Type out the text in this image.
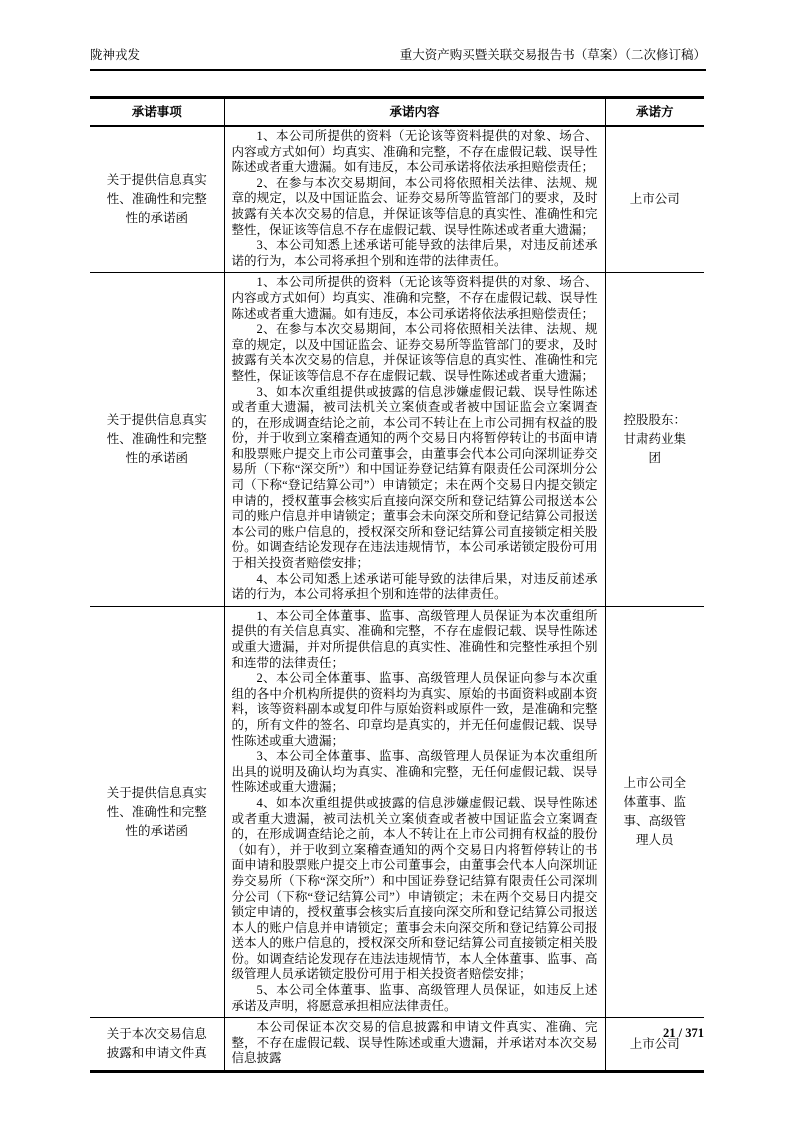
陇神戎发	重大资产购买暨关联交易报告书（草案）（二次修订稿）
承诺事项	承诺内容	承诺方
关于提供信息真实性、准确性和完整性的承诺函	1、本公司所提供的资料（无论该等资料提供的对象、场合、内容或方式如何）均真实、准确和完整，不存在虚假记载、误导性陈述或者重大遗漏。如有违反，本公司承诺将依法承担赔偿责任；

2、在参与本次交易期间，本公司将依照相关法律、法规、规章的规定，以及中国证监会、证券交易所等监管部门的要求，及时披露有关本次交易的信息，并保证该等信息的真实性、准确性和完整性，保证该等信息不存在虚假记载、误导性陈述或者重大遗漏；

3、本公司知悉上述承诺可能导致的法律后果，对违反前述承诺的行为，本公司将承担个别和连带的法律责任。	上市公司
关于提供信息真实性、准确性和完整性的承诺函	1、本公司所提供的资料（无论该等资料提供的对象、场合、内容或方式如何）均真实、准确和完整，不存在虚假记载、误导性陈述或者重大遗漏。如有违反，本公司承诺将依法承担赔偿责任；

2、在参与本次交易期间，本公司将依照相关法律、法规、规章的规定，以及中国证监会、证券交易所等监管部门的要求，及时披露有关本次交易的信息，并保证该等信息的真实性、准确性和完整性，保证该等信息不存在虚假记载、误导性陈述或者重大遗漏；

3、如本次重组提供或披露的信息涉嫌虚假记载、误导性陈述或者重大遗漏，被司法机关立案侦查或者被中国证监会立案调查的，在形成调查结论之前，本公司不转让在上市公司拥有权益的股份，并于收到立案稽查通知的两个交易日内将暂停转让的书面申请和股票账户提交上市公司董事会，由董事会代本公司向深圳证券交易所（下称“深交所”）和中国证券登记结算有限责任公司深圳分公司（下称“登记结算公司”）申请锁定；未在两个交易日内提交锁定申请的，授权董事会核实后直接向深交所和登记结算公司报送本公司的账户信息并申请锁定；董事会未向深交所和登记结算公司报送本公司的账户信息的，授权深交所和登记结算公司直接锁定相关股份。如调查结论发现存在违法违规情节，本公司承诺锁定股份可用于相关投资者赔偿安排；

4、本公司知悉上述承诺可能导致的法律后果，对违反前述承诺的行为，本公司将承担个别和连带的法律责任。	控股股东：甘肃药业集团
关于提供信息真实性、准确性和完整性的承诺函	1、本公司全体董事、监事、高级管理人员保证为本次重组所提供的有关信息真实、准确和完整，不存在虚假记载、误导性陈述或重大遗漏，并对所提供信息的真实性、准确性和完整性承担个别和连带的法律责任；

2、本公司全体董事、监事、高级管理人员保证向参与本次重组的各中介机构所提供的资料均为真实、原始的书面资料或副本资料，该等资料副本或复印件与原始资料或原件一致，是准确和完整的，所有文件的签名、印章均是真实的，并无任何虚假记载、误导性陈述或重大遗漏；

3、本公司全体董事、监事、高级管理人员保证为本次重组所出具的说明及确认均为真实、准确和完整，无任何虚假记载、误导性陈述或重大遗漏；

4、如本次重组提供或披露的信息涉嫌虚假记载、误导性陈述或者重大遗漏，被司法机关立案侦查或者被中国证监会立案调查的，在形成调查结论之前，本人不转让在上市公司拥有权益的股份（如有），并于收到立案稽查通知的两个交易日内将暂停转让的书面申请和股票账户提交上市公司董事会，由董事会代本人向深圳证券交易所（下称“深交所”）和中国证券登记结算有限责任公司深圳分公司（下称“登记结算公司”）申请锁定；未在两个交易日内提交锁定申请的，授权董事会核实后直接向深交所和登记结算公司报送本人的账户信息并申请锁定；董事会未向深交所和登记结算公司报送本人的账户信息的，授权深交所和登记结算公司直接锁定相关股份。如调查结论发现存在违法违规情节，本人全体董事、监事、高级管理人员承诺锁定股份可用于相关投资者赔偿安排；

5、本公司全体董事、监事、高级管理人员保证，如违反上述承诺及声明，将愿意承担相应法律责任。	上市公司全体董事、监事、高级管理人员
关于本次交易信息披露和申请文件真	本公司保证本次交易的信息披露和申请文件真实、准确、完整，不存在虚假记载、误导性陈述或重大遗漏，并承诺对本次交易信息披露	上市公司
21 / 371
